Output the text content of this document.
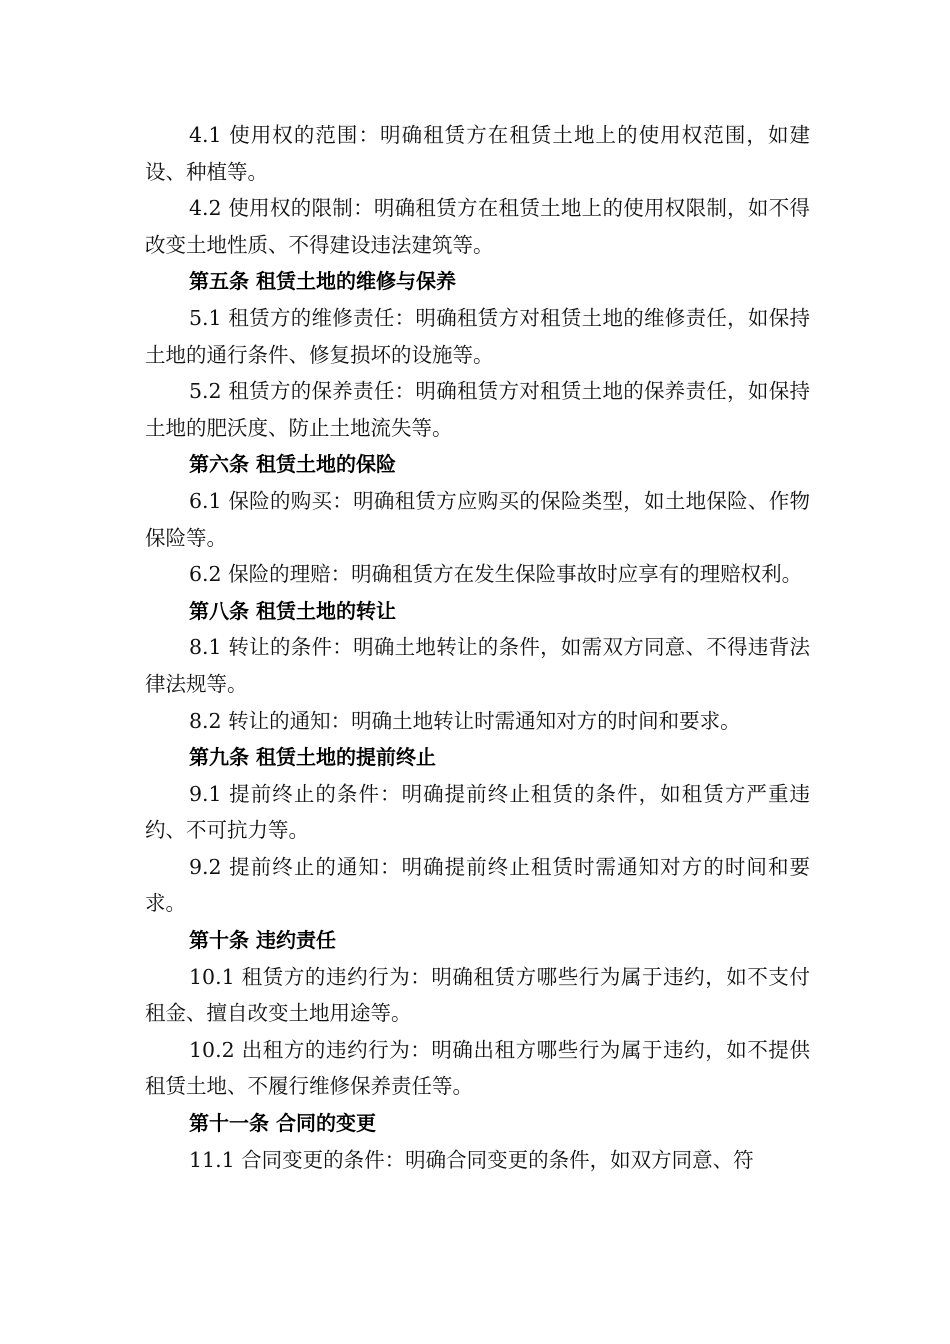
4.1 使用权的范围：明确租赁方在租赁土地上的使用权范围，如建设、种植等。

4.2 使用权的限制：明确租赁方在租赁土地上的使用权限制，如不得改变土地性质、不得建设违法建筑等。

第五条 租赁土地的维修与保养

5.1 租赁方的维修责任：明确租赁方对租赁土地的维修责任，如保持土地的通行条件、修复损坏的设施等。

5.2 租赁方的保养责任：明确租赁方对租赁土地的保养责任，如保持土地的肥沃度、防止土地流失等。

第六条 租赁土地的保险

6.1 保险的购买：明确租赁方应购买的保险类型，如土地保险、作物保险等。

6.2 保险的理赔：明确租赁方在发生保险事故时应享有的理赔权利。

第八条 租赁土地的转让

8.1 转让的条件：明确土地转让的条件，如需双方同意、不得违背法律法规等。

8.2 转让的通知：明确土地转让时需通知对方的时间和要求。

第九条 租赁土地的提前终止

9.1 提前终止的条件：明确提前终止租赁的条件，如租赁方严重违约、不可抗力等。

9.2 提前终止的通知：明确提前终止租赁时需通知对方的时间和要求。

第十条 违约责任

10.1 租赁方的违约行为：明确租赁方哪些行为属于违约，如不支付租金、擅自改变土地用途等。

10.2 出租方的违约行为：明确出租方哪些行为属于违约，如不提供租赁土地、不履行维修保养责任等。

第十一条 合同的变更

11.1 合同变更的条件：明确合同变更的条件，如双方同意、符
